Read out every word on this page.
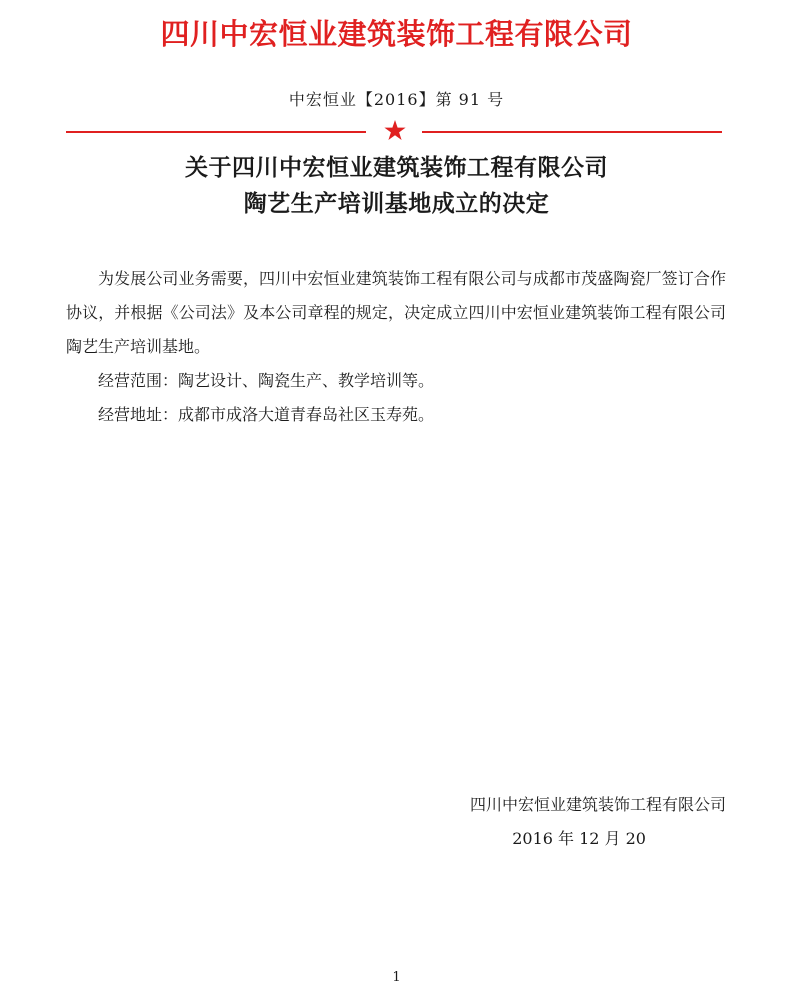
四川中宏恒业建筑装饰工程有限公司
中宏恒业【2016】第 91 号
关于四川中宏恒业建筑装饰工程有限公司
陶艺生产培训基地成立的决定

为发展公司业务需要，四川中宏恒业建筑装饰工程有限公司与成都市茂盛陶瓷厂签订合作协议，并根据《公司法》及本公司章程的规定，决定成立四川中宏恒业建筑装饰工程有限公司陶艺生产培训基地。

经营范围：陶艺设计、陶瓷生产、教学培训等。

经营地址：成都市成洛大道青春岛社区玉寿苑。

四川中宏恒业建筑装饰工程有限公司
2016 年 12 月 20
1
